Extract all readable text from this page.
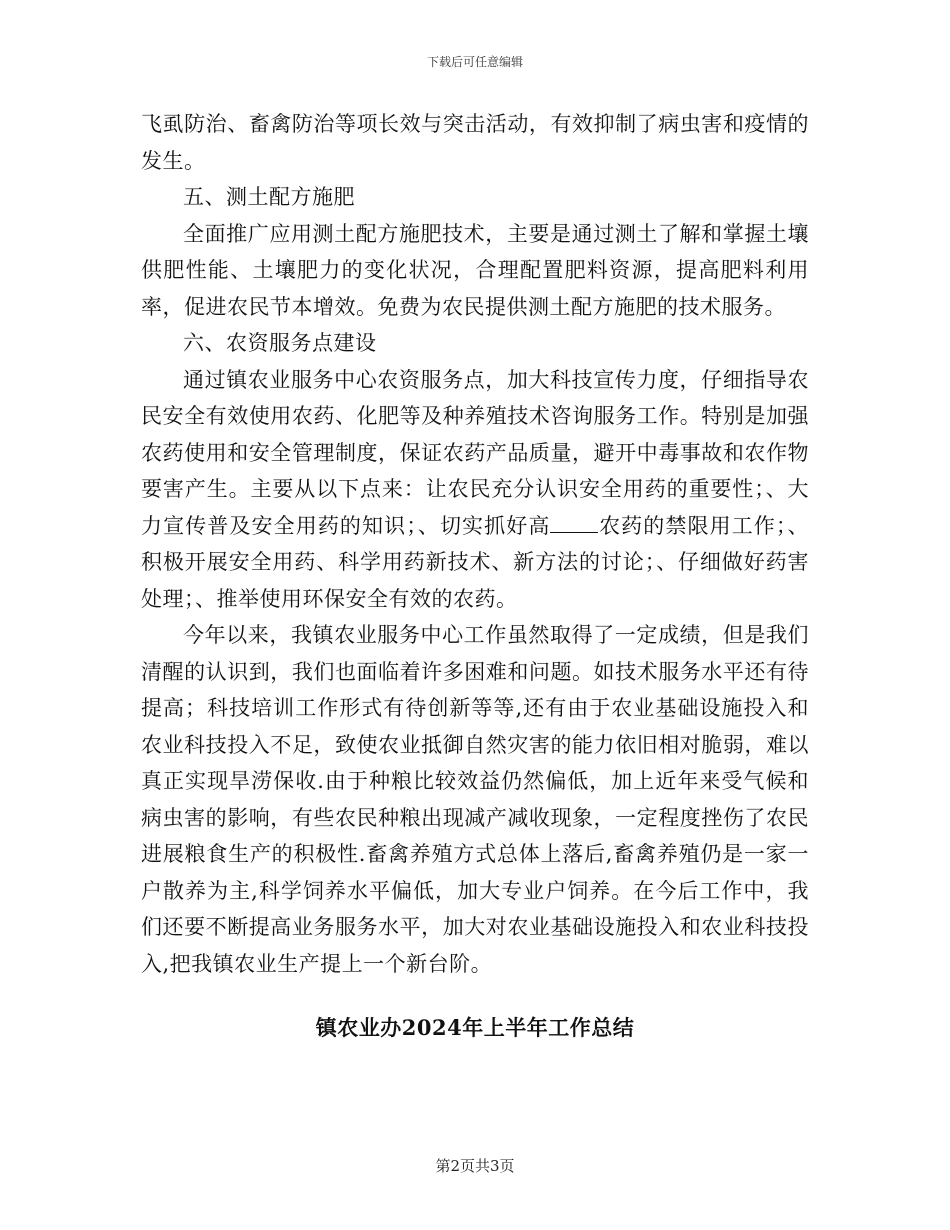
下载后可任意编辑

飞虱防治、畜禽防治等项长效与突击活动，有效抑制了病虫害和疫情的发生。

五、测土配方施肥

全面推广应用测土配方施肥技术，主要是通过测土了解和掌握土壤供肥性能、土壤肥力的变化状况，合理配置肥料资源，提高肥料利用率，促进农民节本增效。免费为农民提供测土配方施肥的技术服务。

六、农资服务点建设

通过镇农业服务中心农资服务点，加大科技宣传力度，仔细指导农民安全有效使用农药、化肥等及种养殖技术咨询服务工作。特别是加强农药使用和安全管理制度，保证农药产品质量，避开中毒事故和农作物要害产生。主要从以下点来：让农民充分认识安全用药的重要性；、大力宣传普及安全用药的知识；、切实抓好高 农药的禁限用工作；、积极开展安全用药、科学用药新技术、新方法的讨论；、仔细做好药害处理；、推举使用环保安全有效的农药。

今年以来，我镇农业服务中心工作虽然取得了一定成绩，但是我们清醒的认识到，我们也面临着许多困难和问题。如技术服务水平还有待提高；科技培训工作形式有待创新等等,还有由于农业基础设施投入和农业科技投入不足，致使农业抵御自然灾害的能力依旧相对脆弱，难以真正实现旱涝保收.由于种粮比较效益仍然偏低，加上近年来受气候和病虫害的影响，有些农民种粮出现减产减收现象，一定程度挫伤了农民进展粮食生产的积极性.畜禽养殖方式总体上落后,畜禽养殖仍是一家一户散养为主,科学饲养水平偏低，加大专业户饲养。在今后工作中，我们还要不断提高业务服务水平，加大对农业基础设施投入和农业科技投入,把我镇农业生产提上一个新台阶。

镇农业办2024年上半年工作总结
第2页共3页
